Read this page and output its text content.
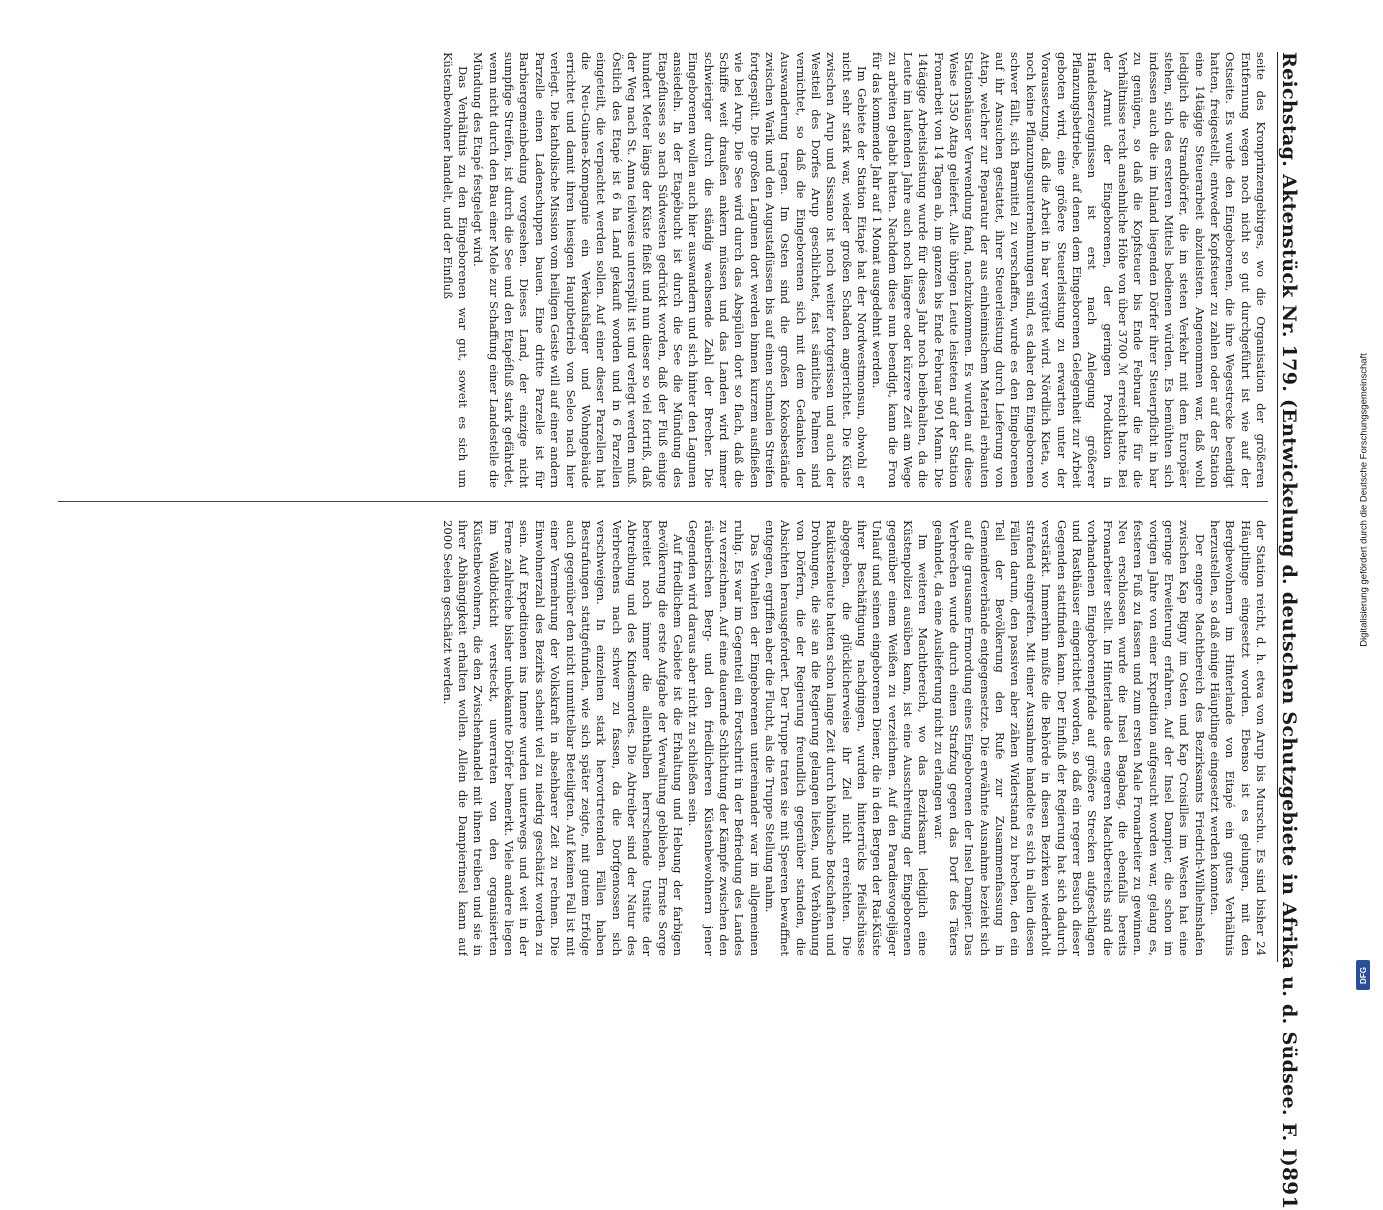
Reichstag. Aktenstück Nr. 179. (Entwickelung d. deutschen Schutzgebiete in Afrika u. d. Südsee. F. I)
891

seite des Kronprinzengebirges, wo die Organisation der größeren Entfernung wegen noch nicht so gut durchgeführt ist wie auf der Ostseite. Es wurde den Eingeborenen, die ihre Wegestrecke beendigt hatten, freigestellt, entweder Kopfsteuer zu zahlen oder auf der Station eine 14tägige Steuerarbeit abzuleisten. Angenommen war, daß wohl lediglich die Strandbörfer, die im steten Verkehr mit dem Europäer stehen, sich des ersteren Mittels bedienen würden. Es bemühten sich indessen auch die im Inland liegenden Dörfer ihrer Steuerpflicht in bar zu genügen, so daß die Kopfsteuer bis Ende Februar die für die Verhältnisse recht ansehnliche Höhe von über 3700 ℳ erreicht hatte. Bei der Armut der Eingeborenen, der geringen Produktion in Handelserzeugnissen ist erst nach Anlegung größerer Pflanzungsbetriebe, auf denen dem Eingeborenen Gelegenheit zur Arbeit geboten wird, eine größere Steuerleistung zu erwarten unter der Voraussetzung, daß die Arbeit in bar vergütet wird. Nördlich Kieta, wo noch keine Pflanzungsunternehmungen sind, es daher den Eingeborenen schwer fällt, sich Barmittel zu verschaffen, wurde es den Eingeborenen auf ihr Ansuchen gestattet, ihrer Steuerleistung durch Lieferung von Attap, welcher zur Reparatur der aus einheimischem Material erbauten Stationshäuser Verwendung fand, nachzukommen. Es wurden auf diese Weise 1350 Attap geliefert. Alle übrigen Leute leisteten auf der Station Fronarbeit von 14 Tagen ab, im ganzen bis Ende Februar 901 Mann. Die 14tägige Arbeitsleistung wurde für dieses Jahr noch beibehalten, da die Leute im laufenden Jahre auch noch längere oder kürzere Zeit am Wege zu arbeiten gehabt hatten. Nachdem diese nun beendigt, kann die Fron für das kommende Jahr auf 1 Monat ausgedehnt werden.

Im Gebiete der Station Eitapé hat der Nordwestmonsun, obwohl er nicht sehr stark war, wieder großen Schaden angerichtet. Die Küste zwischen Arup und Sissano ist noch weiter fortgerissen und auch der Westteil des Dorfes Arup geschlichtet, fast sämtliche Palmen sind vernichtet, so daß die Eingeborenen sich mit dem Gedanken der Auswanderung tragen. Im Osten sind die großen Kokosbestände zwischen Warik und den Augustaflüssen bis auf einen schmalen Streifen fortgespült. Die großen Lagunen dort werden binnen kurzem ausfließen wie bei Arup. Die See wird durch das Abspülen dort so flach, daß die Schiffe weit draußen ankern müssen und das Landen wird immer schwieriger durch die ständig wachsende Zahl der Brecher. Die Eingeborenen wollen auch hier auswandern und sich hinter den Lagunen ansiedeln. In der Etapébucht ist durch die See die Mündung des Etapéflusses so nach Südwesten gedrückt worden, daß der Fluß einige hundert Meter längs der Küste fließt und nun dieser so viel fortriß, daß der Weg nach St. Anna teilweise unterspült ist und verlegt werden muß. Östlich des Etapé ist 6 ha Land gekauft worden und in 6 Parzellen eingeteilt, die verpachtet werden sollen. Auf einer dieser Parzellen hat die Neu-Guinea-Kompagnie ein Verkaufslager und Wohngebäude errichtet und damit ihren hiesigen Hauptbetrieb von Seleo nach hier verlegt. Die katholische Mission vom heiligen Geiste will auf einer andern Parzelle einen Ladenschuppen bauen. Eine dritte Parzelle ist für Barbiergemeinbedung vorgesehen. Dieses Land, der einzige nicht sumpfige Streifen, ist durch die See und den Etapéfluß stark gefährdet, wenn nicht durch den Bau einer Mole zur Schaffung einer Landestelle die Mündung des Etapé festgelegt wird.

Das Verhältnis zu den Eingeborenen war gut, soweit es sich um Küstenbewohner handelt, und der Einfluß

der Station reicht, d. h. etwa von Arup bis Murschu. Es sind bisher 24 Häuptlinge eingesetzt worden. Ebenso ist es gelungen, mit den Bergbewohnern im Hinterlande von Eitapé ein gutes Verhältnis herzustellen, so daß einige Häuptlinge eingesetzt werden konnten.

Der engere Machtbereich des Bezirksamts Friedrich-Wilhelmshafen zwischen Kap Rigny im Osten und Kap Croisilles im Westen hat eine geringe Erweiterung erfahren. Auf der Insel Dampier, die schon im vorigen Jahre von einer Expedition aufgesucht worden war, gelang es, festeren Fuß zu fassen und zum ersten Male Fronarbeiter zu gewinnen. Neu erschlossen wurde die Insel Bagabag, die ebenfalls bereits Fronarbeiter stellt. Im Hinterlande des engeren Machtbereichs sind die vorhandenen Eingeborenenpfade auf größere Strecken aufgeschlagen und Rasthäuser eingerichtet worden, so daß ein regerer Besuch dieser Gegenden stattfinden kann. Der Einfluß der Regierung hat sich dadurch verstärkt. Immerhin mußte die Behörde in diesen Bezirken wiederholt strafend eingreifen. Mit einer Ausnahme handelte es sich in allen diesen Fällen darum, den passiven aber zähen Widerstand zu brechen, den ein Teil der Bevölkerung den Rufe zur Zusammenfassung in Gemeindeverbände entgegensetzte. Die erwähnte Ausnahme bezieht sich auf die grausame Ermordung eines Eingeborenen der Insel Dampier. Das Verbrechen wurde durch einen Strafzug gegen das Dorf des Täters geahndet, da eine Auslieferung nicht zu erlangen war.

Im weiteren Machtbereich, wo das Bezirksamt lediglich eine Küstenpolizei ausüben kann, ist eine Ausschreitung der Eingeborenen gegenüber einem Weißen zu verzeichnen. Auf den Paradiesvogeljäger Unlauf und seinen eingeborenen Diener, die in den Bergen der Rai-Küste ihrer Beschäftigung nachgingen, wurden hinterrücks Pfeilschüsse abgegeben, die glücklicherweise ihr Ziel nicht erreichten. Die Raiküstenleute hatten schon lange Zeit durch höhnische Botschaften und Drohungen, die sie an die Regierung gelangen ließen, und Verhöhnung von Dörfern, die der Regierung freundlich gegenüber standen, die Absichten herausgefordert. Der Truppe traten sie mit Speeren bewaffnet entgegen, ergriffen aber die Flucht, als die Truppe Stellung nahm.

Das Verhalten der Eingeborenen untereinander war im allgemeinen ruhig. Es war im Gegenteil ein Fortschritt in der Befriedung des Landes zu verzeichnen. Auf eine dauernde Schlichtung der Kämpfe zwischen den räuberischen Berg- und den friedlicheren Küstenbewohnern jener Gegenden wird daraus aber nicht zu schließen sein.

Auf friedlichem Gebiete ist die Erhaltung und Hebung der farbigen Bevölkerung die erste Aufgabe der Verwaltung geblieben. Ernste Sorge bereitet noch immer die allenthalben herrschende Unsitte der Abtreibung und des Kindesmordes. Die Abtreiber sind der Natur des Verbrechens nach schwer zu fassen, da die Dorfgenossen sich verschweigen. In einzelnen stark hervortretenden Fällen haben Bestrafungen stattgefunden, wie sich später zeigte, mit gutem Erfolge auch gegenüber den nicht unmittelbar Beteiligten. Auf keinen Fall ist mit einer Vermehrung der Volkskraft in absehbarer Zeit zu rechnen. Die Einwohnerzahl des Bezirks scheint viel zu niedrig geschätzt worden zu sein. Auf Expeditionen ins Innere wurden unterwegs und weit in der Ferne zahlreiche bisher unbekannte Dörfer bemerkt. Viele andere liegen im Waldbickicht versteckt, unverraten von den organisierten Küstenbewohnern, die den Zwischenhandel mit ihnen treiben und sie in ihrer Abhängigkeit erhalten wollen. Allein die Dampierinsel kann auf 2000 Seelen geschätzt werden.	Digitalisierung gefördert durch die Deutsche Forschungsgemeinschaft
DFG
